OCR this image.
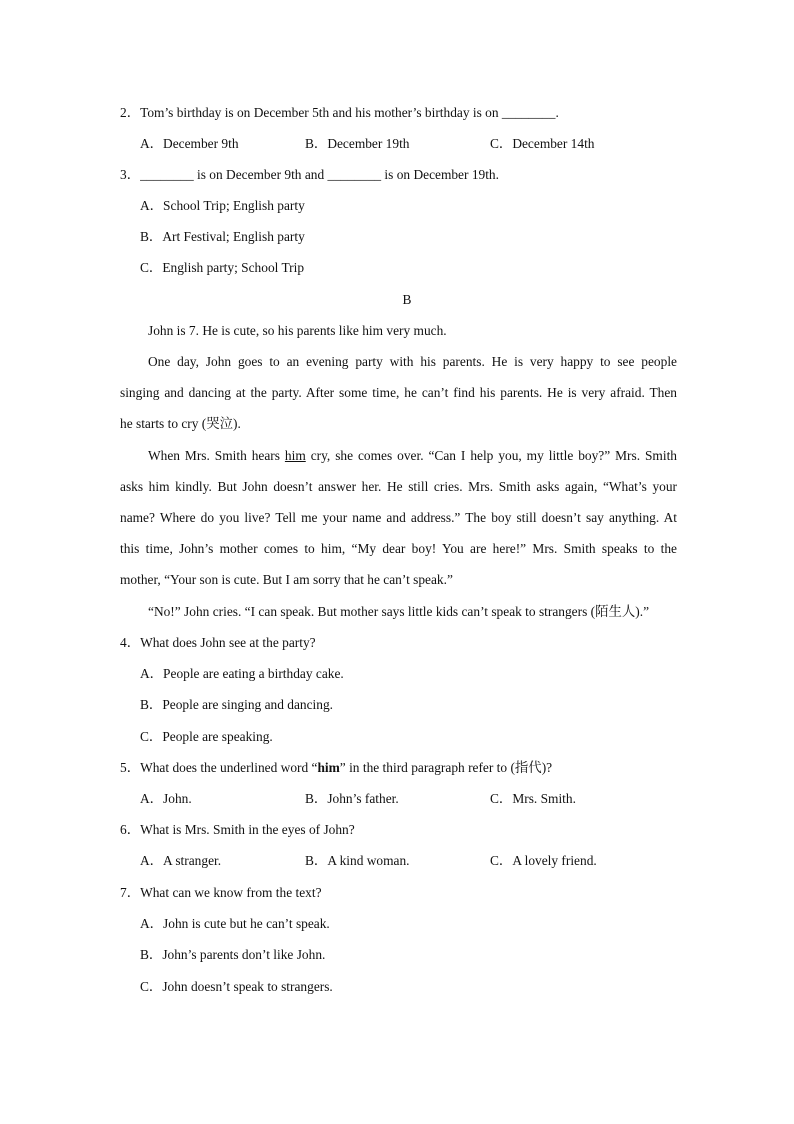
2．Tom’s birthday is on December 5th and his mother’s birthday is on ________.
A．December 9th	B．December 19th	C．December 14th
3．________ is on December 9th and ________ is on December 19th.
A．School Trip; English party
B．Art Festival; English party
C．English party; School Trip
B
John is 7. He is cute, so his parents like him very much.
One day, John goes to an evening party with his parents. He is very happy to see people
singing and dancing at the party. After some time, he can’t find his parents. He is very afraid. Then
he starts to cry (哭泣).
When Mrs. Smith hears him cry, she comes over. “Can I help you, my little boy?” Mrs. Smith
asks him kindly. But John doesn’t answer her. He still cries. Mrs. Smith asks again, “What’s your
name? Where do you live? Tell me your name and address.” The boy still doesn’t say anything. At
this time, John’s mother comes to him, “My dear boy! You are here!” Mrs. Smith speaks to the
mother, “Your son is cute. But I am sorry that he can’t speak.”
“No!” John cries. “I can speak. But mother says little kids can’t speak to strangers (陌生人).”
4．What does John see at the party?
A．People are eating a birthday cake.
B．People are singing and dancing.
C．People are speaking.
5．What does the underlined word “him” in the third paragraph refer to (指代)?
A．John.	B．John’s father.	C．Mrs. Smith.
6．What is Mrs. Smith in the eyes of John?
A．A stranger.	B．A kind woman.	C．A lovely friend.
7．What can we know from the text?
A．John is cute but he can’t speak.
B．John’s parents don’t like John.
C．John doesn’t speak to strangers.
